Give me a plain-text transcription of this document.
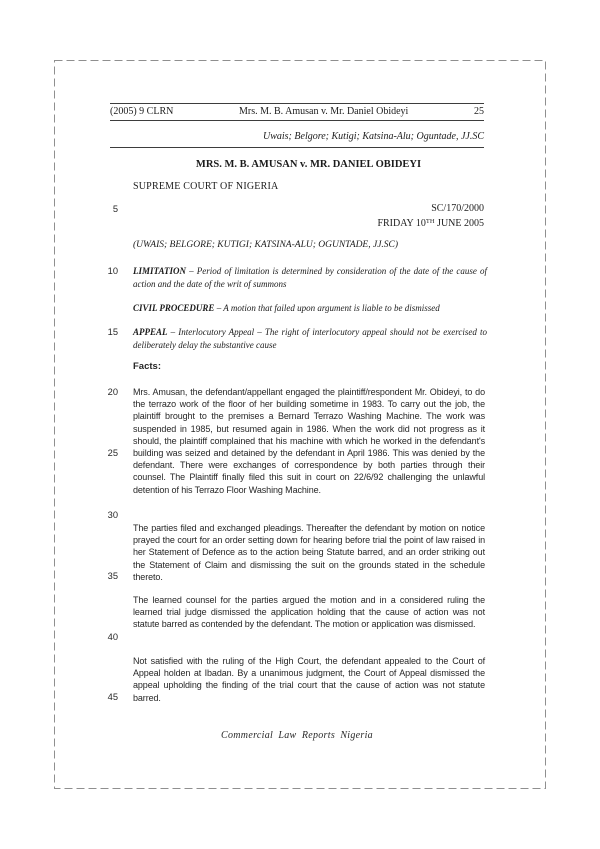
(2005) 9 CLRN	Mrs. M. B. Amusan v. Mr. Daniel Obideyi	25
Uwais; Belgore; Kutigi; Katsina-Alu; Oguntade, JJ.SC
MRS. M. B. AMUSAN v. MR. DANIEL OBIDEYI
SUPREME COURT OF NIGERIA
SC/170/2000
FRIDAY 10TH JUNE 2005
(UWAIS; BELGORE; KUTIGI; KATSINA-ALU; OGUNTADE, JJ.SC)
LIMITATION – Period of limitation is determined by consideration of the date of the cause of action and the date of the writ of summons
CIVIL PROCEDURE – A motion that failed upon argument is liable to be dismissed
APPEAL – Interlocutory Appeal – The right of interlocutory appeal should not be exercised to deliberately delay the substantive cause
Facts:
Mrs. Amusan, the defendant/appellant engaged the plaintiff/respondent Mr. Obideyi, to do the terrazo work of the floor of her building sometime in 1983. To carry out the job, the plaintiff brought to the premises a Bernard Terrazo Washing Machine. The work was suspended in 1985, but resumed again in 1986. When the work did not progress as it should, the plaintiff complained that his machine with which he worked in the defendant's building was seized and detained by the defendant in April 1986. This was denied by the defendant. There were exchanges of correspondence by both parties through their counsel. The Plaintiff finally filed this suit in court on 22/6/92 challenging the unlawful detention of his Terrazo Floor Washing Machine.
The parties filed and exchanged pleadings. Thereafter the defendant by motion on notice prayed the court for an order setting down for hearing before trial the point of law raised in her Statement of Defence as to the action being Statute barred, and an order striking out the Statement of Claim and dismissing the suit on the grounds stated in the schedule thereto.
The learned counsel for the parties argued the motion and in a considered ruling the learned trial judge dismissed the application holding that the cause of action was not statute barred as contended by the defendant. The motion or application was dismissed.
Not satisfied with the ruling of the High Court, the defendant appealed to the Court of Appeal holden at Ibadan. By a unanimous judgment, the Court of Appeal dismissed the appeal upholding the finding of the trial court that the cause of action was not statute barred.
5
10
15
20
25
30
35
40
45
Commercial Law Reports Nigeria
